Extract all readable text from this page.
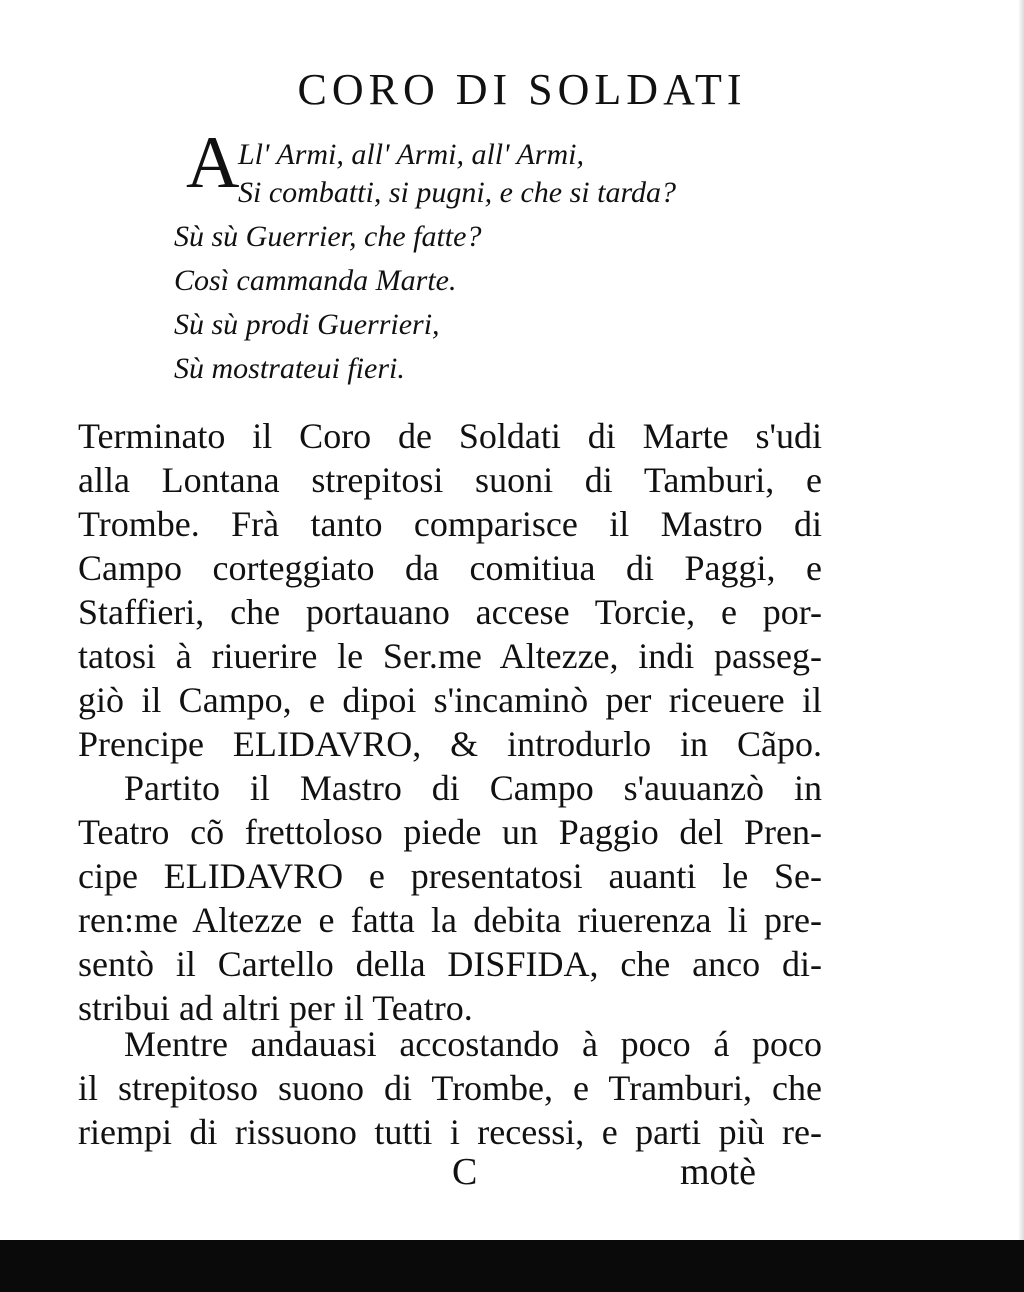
CORO DI SOLDATI
A
Ll' Armi, all' Armi, all' Armi,
Si combatti, si pugni, e che si tarda?
Sù sù Guerrier, che fatte?
Così cammanda Marte.
Sù sù prodi Guerrieri,
Sù mostrateui fieri.
Terminato il Coro de Soldati di Marte s'udi
alla Lontana strepitosi suoni di Tamburi, e
Trombe. Frà tanto comparisce il Mastro di
Campo corteggiato da comitiua di Paggi, e
Staffieri, che portauano accese Torcie, e por-
tatosi à riuerire le Ser.me Altezze, indi passeg-
giò il Campo, e dipoi s'incaminò per riceuere il
Prencipe ELIDAVRO, & introdurlo in Cãpo.
Partito il Mastro di Campo s'auuanzò in
Teatro cõ frettoloso piede un Paggio del Pren-
cipe ELIDAVRO e presentatosi auanti le Se-
ren:me Altezze e fatta la debita riuerenza li pre-
sentò il Cartello della DISFIDA, che anco di-
stribui ad altri per il Teatro.
Mentre andauasi accostando à poco á poco
il strepitoso suono di Trombe, e Tramburi, che
riempi di rissuono tutti i recessi, e parti più re-
C	motè
